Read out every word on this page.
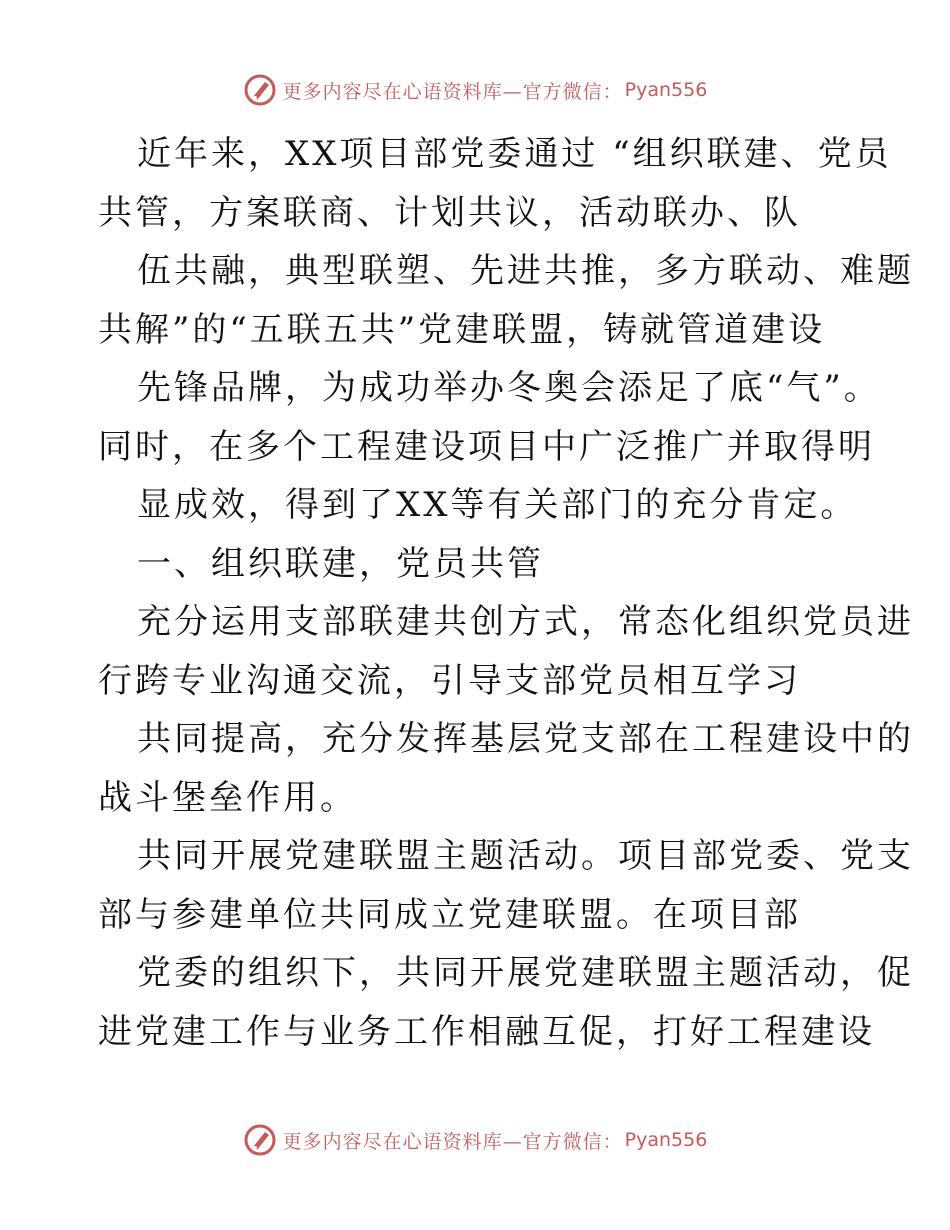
更多内容尽在心语资料库—官方微信： Pyan556
近年来，XX项目部党委通过 “组织联建、党员
共管，方案联商、计划共议，活动联办、队
伍共融，典型联塑、先进共推，多方联动、难题
共解”的“五联五共”党建联盟，铸就管道建设
先锋品牌，为成功举办冬奥会添足了底“气”。
同时，在多个工程建设项目中广泛推广并取得明
显成效，得到了XX等有关部门的充分肯定。
一、组织联建，党员共管
充分运用支部联建共创方式，常态化组织党员进
行跨专业沟通交流，引导支部党员相互学习
共同提高，充分发挥基层党支部在工程建设中的
战斗堡垒作用。
共同开展党建联盟主题活动。项目部党委、党支
部与参建单位共同成立党建联盟。在项目部
党委的组织下，共同开展党建联盟主题活动，促
进党建工作与业务工作相融互促，打好工程建设
更多内容尽在心语资料库—官方微信： Pyan556
